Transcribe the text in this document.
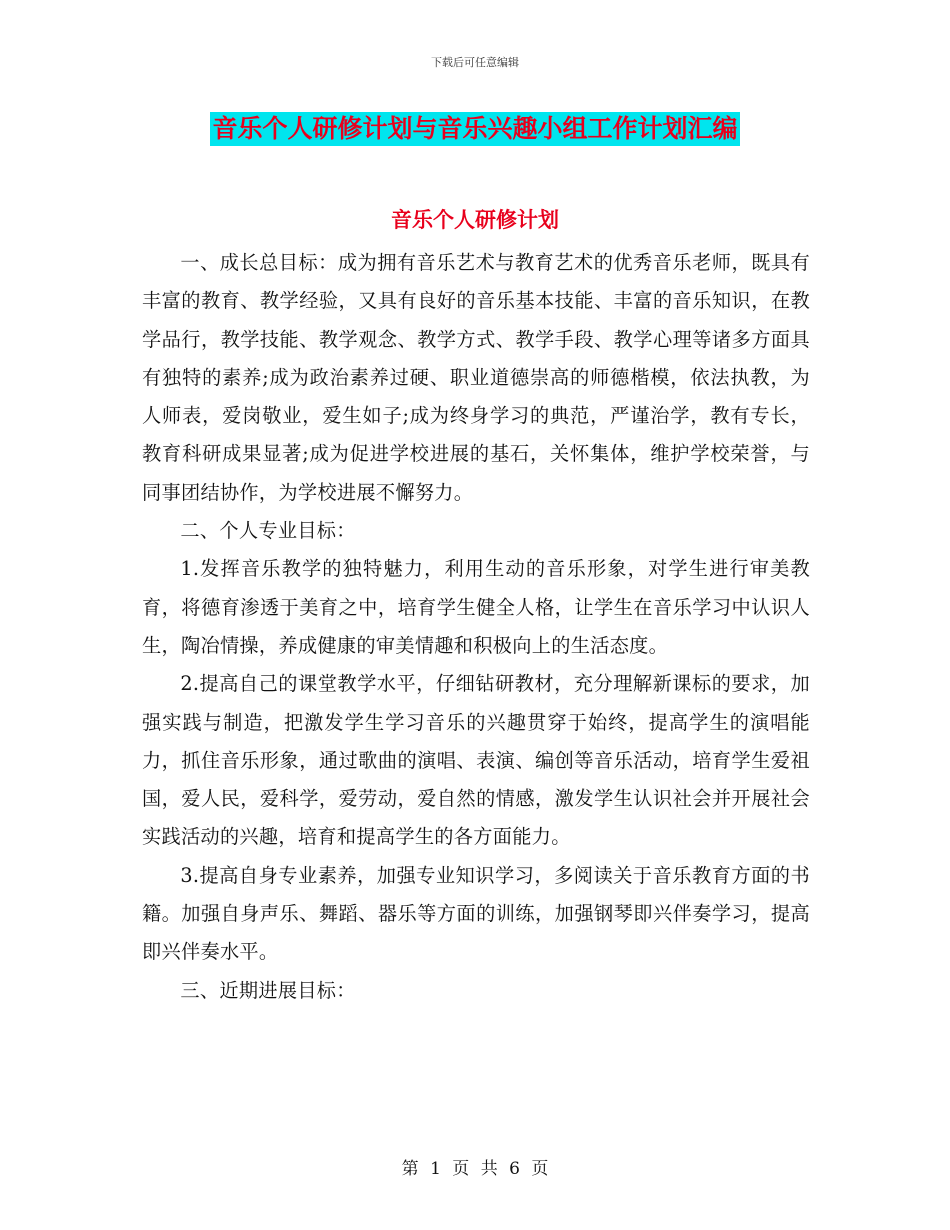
下载后可任意编辑
音乐个人研修计划与音乐兴趣小组工作计划汇编
音乐个人研修计划

一、成长总目标：成为拥有音乐艺术与教育艺术的优秀音乐老师，既具有丰富的教育、教学经验，又具有良好的音乐基本技能、丰富的音乐知识，在教学品行，教学技能、教学观念、教学方式、教学手段、教学心理等诸多方面具有独特的素养;成为政治素养过硬、职业道德崇高的师德楷模，依法执教，为人师表，爱岗敬业，爱生如子;成为终身学习的典范，严谨治学，教有专长，教育科研成果显著;成为促进学校进展的基石，关怀集体，维护学校荣誉，与同事团结协作，为学校进展不懈努力。

二、个人专业目标：

1.发挥音乐教学的独特魅力，利用生动的音乐形象，对学生进行审美教育，将德育渗透于美育之中，培育学生健全人格，让学生在音乐学习中认识人生，陶冶情操，养成健康的审美情趣和积极向上的生活态度。

2.提高自己的课堂教学水平，仔细钻研教材，充分理解新课标的要求，加强实践与制造，把激发学生学习音乐的兴趣贯穿于始终，提高学生的演唱能力，抓住音乐形象，通过歌曲的演唱、表演、编创等音乐活动，培育学生爱祖国，爱人民，爱科学，爱劳动，爱自然的情感，激发学生认识社会并开展社会实践活动的兴趣，培育和提高学生的各方面能力。

3.提高自身专业素养，加强专业知识学习，多阅读关于音乐教育方面的书籍。加强自身声乐、舞蹈、器乐等方面的训练，加强钢琴即兴伴奏学习，提高即兴伴奏水平。

三、近期进展目标：

第 1 页 共 6 页
